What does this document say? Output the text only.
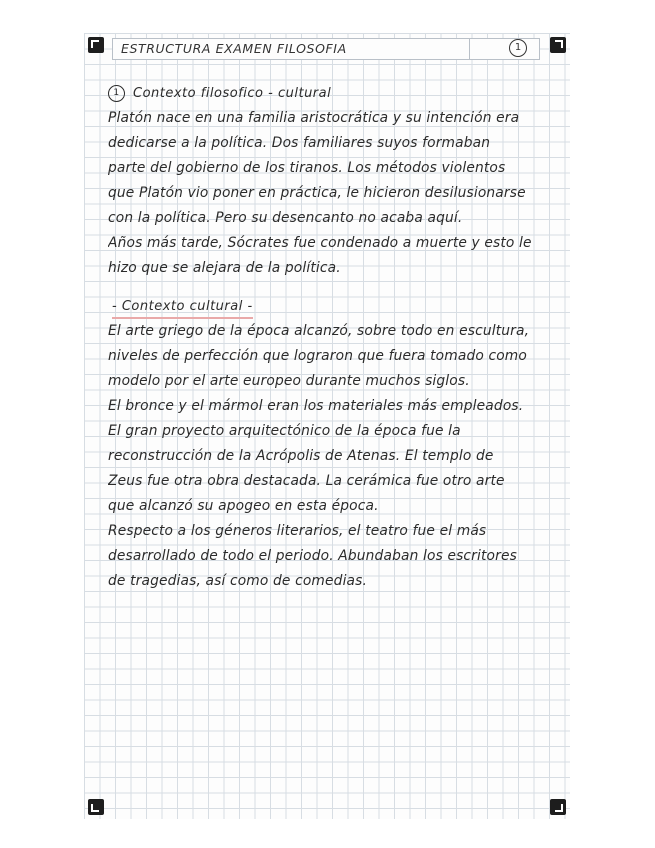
ESTRUCTURA EXAMEN FILOSOFIA	1
1 Contexto filosofico - cultural
Platón nace en una familia aristocrática y su intención era
dedicarse a la política. Dos familiares suyos formaban
parte del gobierno de los tiranos. Los métodos violentos
que Platón vio poner en práctica, le hicieron desilusionarse
con la política. Pero su desencanto no acaba aquí.
Años más tarde, Sócrates fue condenado a muerte y esto le
hizo que se alejara de la política.
- Contexto cultural -
El arte griego de la época alcanzó, sobre todo en escultura,
niveles de perfección que lograron que fuera tomado como
modelo por el arte europeo durante muchos siglos.
El bronce y el mármol eran los materiales más empleados.
El gran proyecto arquitectónico de la época fue la
reconstrucción de la Acrópolis de Atenas. El templo de
Zeus fue otra obra destacada. La cerámica fue otro arte
que alcanzó su apogeo en esta época.
Respecto a los géneros literarios, el teatro fue el más
desarrollado de todo el periodo. Abundaban los escritores
de tragedias, así como de comedias.
